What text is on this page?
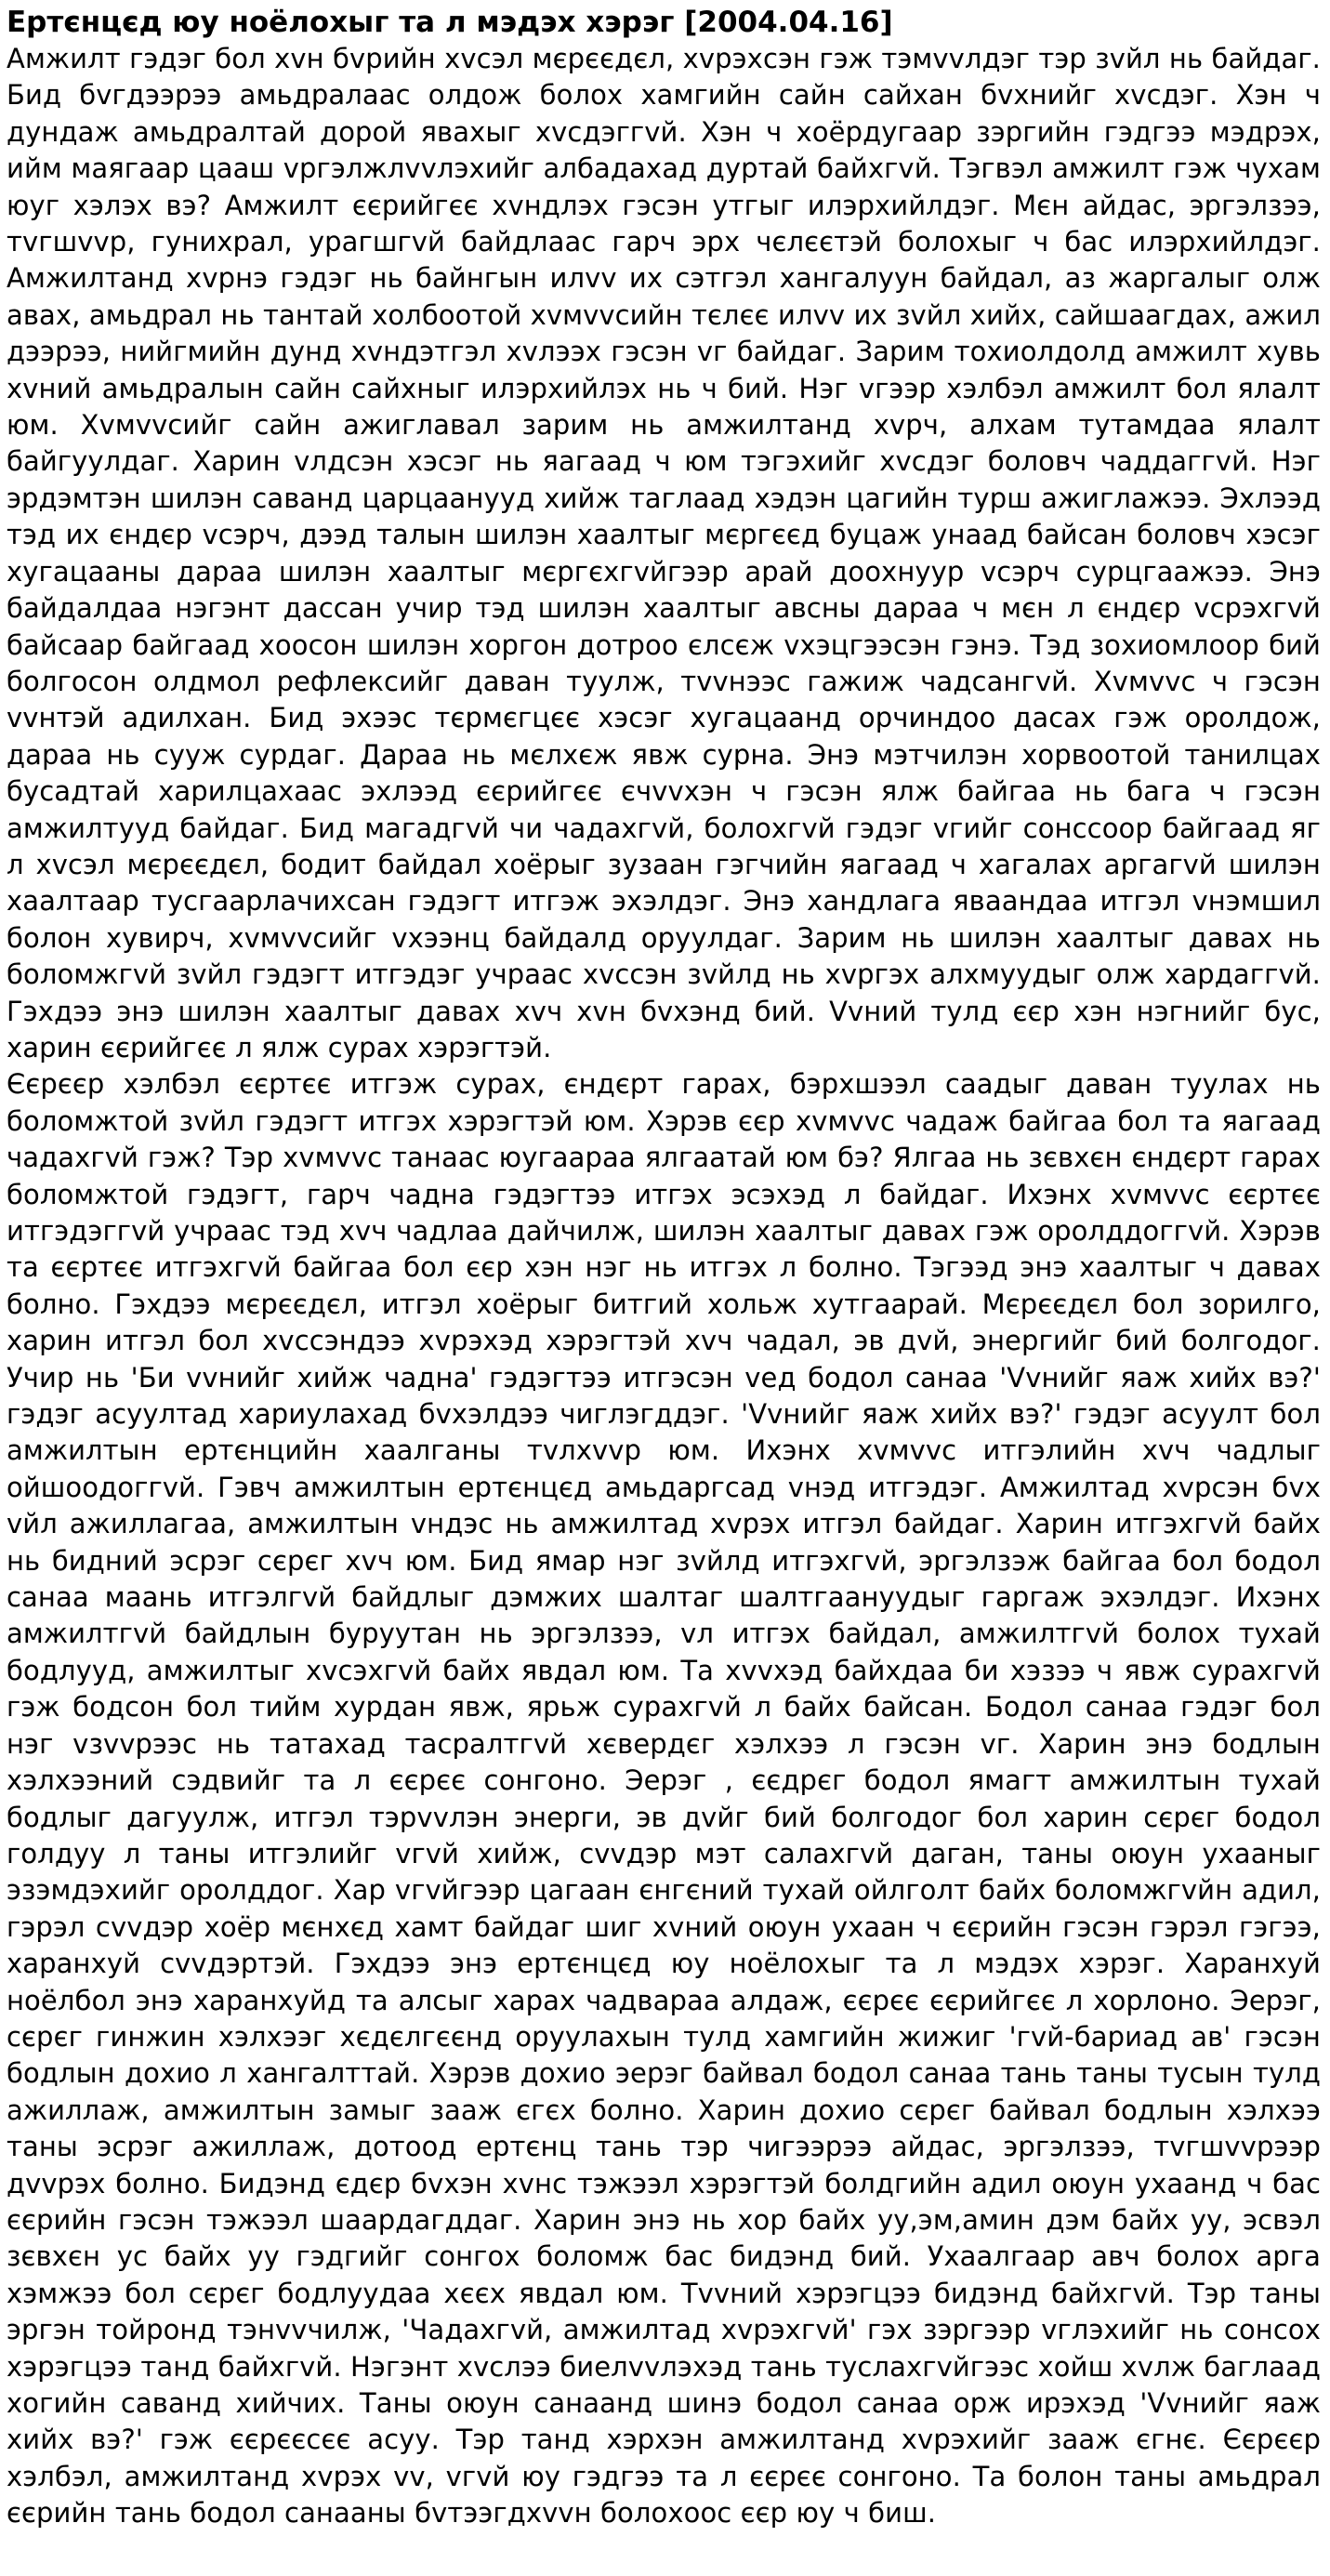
Ертєнцєд юу ноёлохыг та л мэдэх хэрэг [2004.04.16]

Амжилт гэдэг бол хvн бvрийн хvсэл мєрєєдєл, хvрэхсэн гэж тэмvvлдэг тэр зvйл нь байдаг. Бид бvгдээрээ амьдралаас олдож болох хамгийн сайн сайхан бvхнийг хvсдэг. Хэн ч дундаж амьдралтай дорой явахыг хvсдэггvй. Хэн ч хоёрдугаар зэргийн гэдгээ мэдрэх, ийм маягаар цааш vргэлжлvvлэхийг албадахад дуртай байхгvй. Тэгвэл амжилт гэж чухам юуг хэлэх вэ? Амжилт єєрийгєє хvндлэх гэсэн утгыг илэрхийлдэг. Мєн айдас, эргэлзээ, тvгшvvр, гунихрал, урагшгvй байдлаас гарч эрх чєлєєтэй болохыг ч бас илэрхийлдэг. Амжилтанд хvрнэ гэдэг нь байнгын илvv их сэтгэл хангалуун байдал, аз жаргалыг олж авах, амьдрал нь тантай холбоотой хvмvvсийн тєлєє илvv их зvйл хийх, сайшаагдах, ажил дээрээ, нийгмийн дунд хvндэтгэл хvлээх гэсэн vг байдаг. Зарим тохиолдолд амжилт хувь хvний амьдралын сайн сайхныг илэрхийлэх нь ч бий. Нэг vгээр хэлбэл амжилт бол ялалт юм. Хvмvvсийг сайн ажиглавал зарим нь амжилтанд хvрч, алхам тутамдаа ялалт байгуулдаг. Харин vлдсэн хэсэг нь яагаад ч юм тэгэхийг хvсдэг боловч чаддаггvй. Нэг эрдэмтэн шилэн саванд царцаануyд хийж таглаад хэдэн цагийн турш ажиглажээ. Эхлээд тэд их єндєр vсэрч, дээд талын шилэн хаалтыг мєргєєд буцаж унаад байсан боловч хэсэг хугацааны дараа шилэн хаалтыг мєргєхгvйгээр арай доохнуур vсэрч сурцгаажээ. Энэ байдалдаа нэгэнт дассан учир тэд шилэн хаалтыг авсны дараа ч мєн л єндєр vсрэхгvй байсаар байгаад хоосон шилэн хоргон дотроо єлсєж vхэцгээсэн гэнэ. Тэд зохиомлоор бий болгосон олдмол рефлексийг даван туулж, тvvнээс гажиж чадсангvй. Хvмvvс ч гэсэн vvнтэй адилхан. Бид эхээс тєрмєгцєє хэсэг хугацаанд орчиндоо дасах гэж оролдож, дараа нь сууж сурдаг. Дараа нь мєлхєж явж сурна. Энэ мэтчилэн хорвоотой танилцах бусадтай харилцахаас эхлээд єєрийгєє єчvvхэн ч гэсэн ялж байгаа нь бага ч гэсэн амжилтууд байдаг. Бид магадгvй чи чадахгvй, болохгvй гэдэг vгийг сонссоор байгаад яг л хvсэл мєрєєдєл, бодит байдал хоёрыг зузаан гэгчийн яагаад ч хагалах аргагvй шилэн хаалтаар тусгаарлачихсан гэдэгт итгэж эхэлдэг. Энэ хандлага яваандаа итгэл vнэмшил болон хувирч, хvмvvсийг vхээнц байдалд оруулдаг. Зарим нь шилэн хаалтыг давах нь боломжгvй зvйл гэдэгт итгэдэг учраас хvссэн зvйлд нь хvргэх алхмуудыг олж хардаггvй. Гэхдээ энэ шилэн хаалтыг давах хvч хvн бvхэнд бий. Vvний тулд єєр хэн нэгнийг бус, харин єєрийгєє л ялж сурах хэрэгтэй.

Єєрєєр хэлбэл єєртєє итгэж сурах, єндєрт гарах, бэрхшээл саадыг даван туулах нь боломжтой зvйл гэдэгт итгэх хэрэгтэй юм. Хэрэв єєр хvмvvс чадаж байгаа бол та яагаад чадахгvй гэж? Тэр хvмvvс танаас юугаараа ялгаатай юм бэ? Ялгаа нь зєвхєн єндєрт гарах боломжтой гэдэгт, гарч чадна гэдэгтээ итгэх эсэхэд л байдаг. Ихэнх хvмvvс єєртєє итгэдэггvй учраас тэд хvч чадлаа дайчилж, шилэн хаалтыг давах гэж оролддоггvй. Хэрэв та єєртєє итгэхгvй байгаа бол єєр хэн нэг нь итгэх л болно. Тэгээд энэ хаалтыг ч давах болно. Гэхдээ мєрєєдєл, итгэл хоёрыг битгий хольж хутгаарай. Мєрєєдєл бол зорилго, харин итгэл бол хvссэндээ хvрэхэд хэрэгтэй хvч чадал, эв дvй, энергийг бий болгодог. Учир нь 'Би vvнийг хийж чадна' гэдэгтээ итгэсэн vед бодол санаа 'Vvнийг яаж хийх вэ?' гэдэг асуултад хариулахад бvхэлдээ чиглэгддэг. 'Vvнийг яаж хийх вэ?' гэдэг асуулт бол амжилтын ертєнцийн хаалганы тvлхvvр юм. Ихэнх хvмvvс итгэлийн хvч чадлыг ойшоодоггvй. Гэвч амжилтын ертєнцєд амьдаргсад vнэд итгэдэг. Амжилтад хvрсэн бvх vйл ажиллагаа, амжилтын vндэс нь амжилтад хvрэх итгэл байдаг. Харин итгэхгvй байх нь бидний эсрэг сєрєг хvч юм. Бид ямар нэг зvйлд итгэхгvй, эргэлзэж байгаа бол бодол санаа маань итгэлгvй байдлыг дэмжих шалтаг шалтгаануудыг гаргаж эхэлдэг. Ихэнх амжилтгvй байдлын буруутан нь эргэлзээ, vл итгэх байдал, амжилтгvй болох тухай бодлууд, амжилтыг хvсэхгvй байх явдал юм. Та хvvхэд байхдаа би хэзээ ч явж сурахгvй гэж бодсон бол тийм хурдан явж, ярьж сурахгvй л байх байсан. Бодол санаа гэдэг бол нэг vзvvрээс нь татахад тасралтгvй хєвердєг хэлхээ л гэсэн vг. Харин энэ бодлын хэлхээний сэдвийг та л єєрєє сонгоно. Эерэг , єєдрєг бодол ямагт амжилтын тухай бодлыг дагуулж, итгэл тэрvvлэн энерги, эв дvйг бий болгодог бол харин сєрєг бодол голдуу л таны итгэлийг vгvй хийж, сvvдэр мэт салахгvй даган, таны оюун ухааныг эзэмдэхийг оролддог. Хар vгvйгээр цагаан єнгєний тухай ойлголт байх боломжгvйн адил, гэрэл сvvдэр хоёр мєнхєд хамт байдаг шиг хvний оюун ухаан ч єєрийн гэсэн гэрэл гэгээ, харанхуй сvvдэртэй. Гэхдээ энэ ертєнцєд юу ноёлохыг та л мэдэх хэрэг. Харанхуй ноёлбол энэ харанхуйд та алсыг харах чадвараа алдаж, єєрєє єєрийгєє л хорлоно. Эерэг, сєрєг гинжин хэлхээг хєдєлгєєнд оруулахын тулд хамгийн жижиг 'гvй-бариад ав' гэсэн бодлын дохио л хангалттай. Хэрэв дохио эерэг байвал бодол санаа тань таны тусын тулд ажиллаж, амжилтын замыг зааж єгєх болно. Харин дохио сєрєг байвал бодлын хэлхээ таны эсрэг ажиллаж, дотоод ертєнц тань тэр чигээрээ айдас, эргэлзээ, тvгшvvрээр дvvрэх болно. Бидэнд єдєр бvхэн хvнс тэжээл хэрэгтэй болдгийн адил оюун ухаанд ч бас єєрийн гэсэн тэжээл шаардагддаг. Харин энэ нь хор байх уу,эм,амин дэм байх уу, эсвэл зєвхєн ус байх уу гэдгийг сонгох боломж бас бидэнд бий. Ухаалгаар авч болох арга хэмжээ бол сєрєг бодлуудаа хєєх явдал юм. Тvvний хэрэгцээ бидэнд байхгvй. Тэр таны эргэн тойронд тэнvvчилж, 'Чадахгvй, амжилтад хvрэхгvй' гэх зэргээр vглэхийг нь сонсох хэрэгцээ танд байхгvй. Нэгэнт хvслээ биелvvлэхэд тань туслахгvйгээс хойш хvлж баглаад хогийн саванд хийчих. Таны оюун санаанд шинэ бодол санаа орж ирэхэд 'Vvнийг яаж хийх вэ?' гэж єєрєєсєє асуу. Тэр танд хэрхэн амжилтанд хvрэхийг зааж єгнє. Єєрєєр хэлбэл, амжилтанд хvрэх vv, vгvй юу гэдгээ та л єєрєє сонгоно. Та болон таны амьдрал єєрийн тань бодол санааны бvтээгдхvvн болохоос єєр юу ч биш.
